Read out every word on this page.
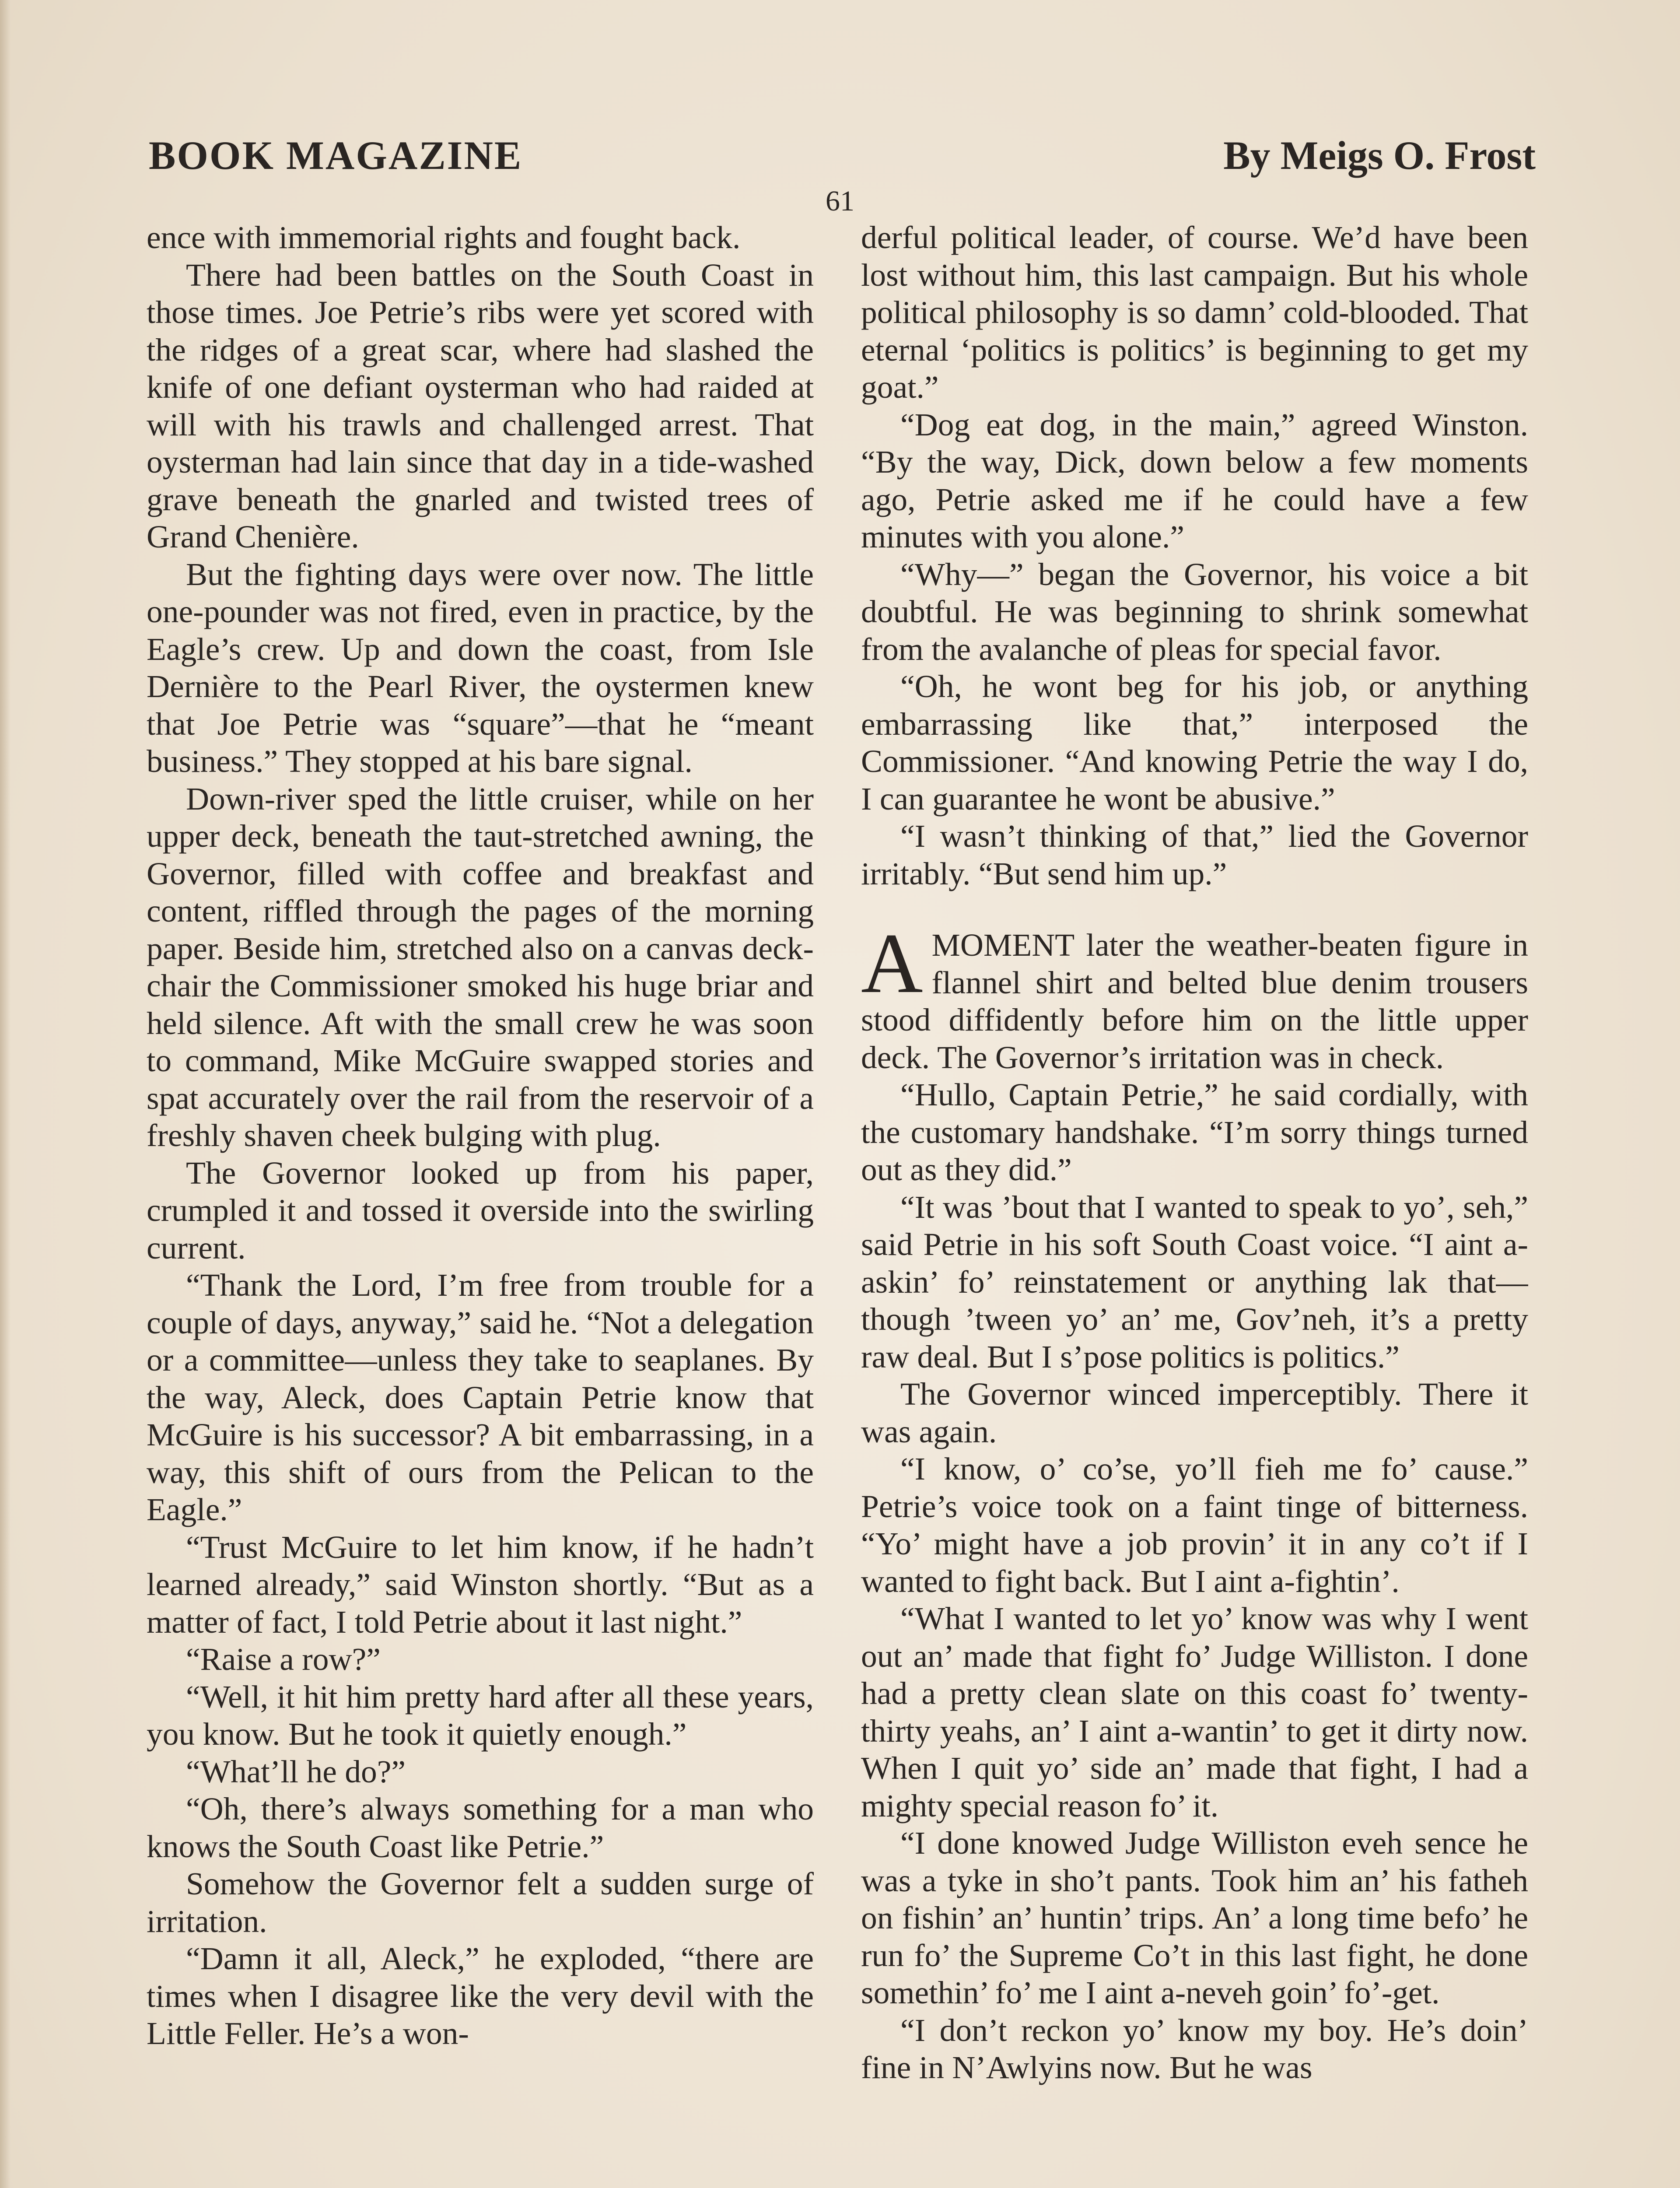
BOOK MAGAZINE	By Meigs O. Frost
61

ence with immemorial rights and fought back.

There had been battles on the South Coast in those times. Joe Petrie’s ribs were yet scored with the ridges of a great scar, where had slashed the knife of one defiant oysterman who had raided at will with his trawls and challenged arrest. That oysterman had lain since that day in a tide-washed grave beneath the gnarled and twisted trees of Grand Chenière.

But the fighting days were over now. The little one-pounder was not fired, even in practice, by the Eagle’s crew. Up and down the coast, from Isle Dernière to the Pearl River, the oystermen knew that Joe Petrie was “square”—that he “meant business.” They stopped at his bare signal.

Down-river sped the little cruiser, while on her upper deck, beneath the taut-stretched awning, the Governor, filled with coffee and breakfast and content, riffled through the pages of the morning paper. Beside him, stretched also on a canvas deck-chair the Commissioner smoked his huge briar and held silence. Aft with the small crew he was soon to command, Mike McGuire swapped stories and spat accurately over the rail from the reservoir of a freshly shaven cheek bulging with plug.

The Governor looked up from his paper, crumpled it and tossed it overside into the swirling current.

“Thank the Lord, I’m free from trouble for a couple of days, anyway,” said he. “Not a delegation or a committee—unless they take to seaplanes. By the way, Aleck, does Captain Petrie know that McGuire is his successor? A bit embarrassing, in a way, this shift of ours from the Pelican to the Eagle.”

“Trust McGuire to let him know, if he hadn’t learned already,” said Winston shortly. “But as a matter of fact, I told Petrie about it last night.”

“Raise a row?”

“Well, it hit him pretty hard after all these years, you know. But he took it quietly enough.”

“What’ll he do?”

“Oh, there’s always something for a man who knows the South Coast like Petrie.”

Somehow the Governor felt a sudden surge of irritation.

“Damn it all, Aleck,” he exploded, “there are times when I disagree like the very devil with the Little Feller. He’s a won-

derful political leader, of course. We’d have been lost without him, this last campaign. But his whole political philosophy is so damn’ cold-blooded. That eternal ‘politics is politics’ is beginning to get my goat.”

“Dog eat dog, in the main,” agreed Winston. “By the way, Dick, down below a few moments ago, Petrie asked me if he could have a few minutes with you alone.”

“Why—” began the Governor, his voice a bit doubtful. He was beginning to shrink somewhat from the avalanche of pleas for special favor.

“Oh, he wont beg for his job, or anything embarrassing like that,” interposed the Commissioner. “And knowing Petrie the way I do, I can guarantee he wont be abusive.”

“I wasn’t thinking of that,” lied the Governor irritably. “But send him up.”

A MOMENT later the weather-beaten figure in flannel shirt and belted blue denim trousers stood diffidently before him on the little upper deck. The Governor’s irritation was in check.

“Hullo, Captain Petrie,” he said cordially, with the customary handshake. “I’m sorry things turned out as they did.”

“It was ’bout that I wanted to speak to yo’, seh,” said Petrie in his soft South Coast voice. “I aint a-askin’ fo’ reinstatement or anything lak that—though ’tween yo’ an’ me, Gov’neh, it’s a pretty raw deal. But I s’pose politics is politics.”

The Governor winced imperceptibly. There it was again.

“I know, o’ co’se, yo’ll fieh me fo’ cause.” Petrie’s voice took on a faint tinge of bitterness. “Yo’ might have a job provin’ it in any co’t if I wanted to fight back. But I aint a-fightin’.

“What I wanted to let yo’ know was why I went out an’ made that fight fo’ Judge Williston. I done had a pretty clean slate on this coast fo’ twenty-thirty yeahs, an’ I aint a-wantin’ to get it dirty now. When I quit yo’ side an’ made that fight, I had a mighty special reason fo’ it.

“I done knowed Judge Williston eveh sence he was a tyke in sho’t pants. Took him an’ his fatheh on fishin’ an’ huntin’ trips. An’ a long time befo’ he run fo’ the Supreme Co’t in this last fight, he done somethin’ fo’ me I aint a-neveh goin’ fo’-get.

“I don’t reckon yo’ know my boy. He’s doin’ fine in N’Awlyins now. But he was
